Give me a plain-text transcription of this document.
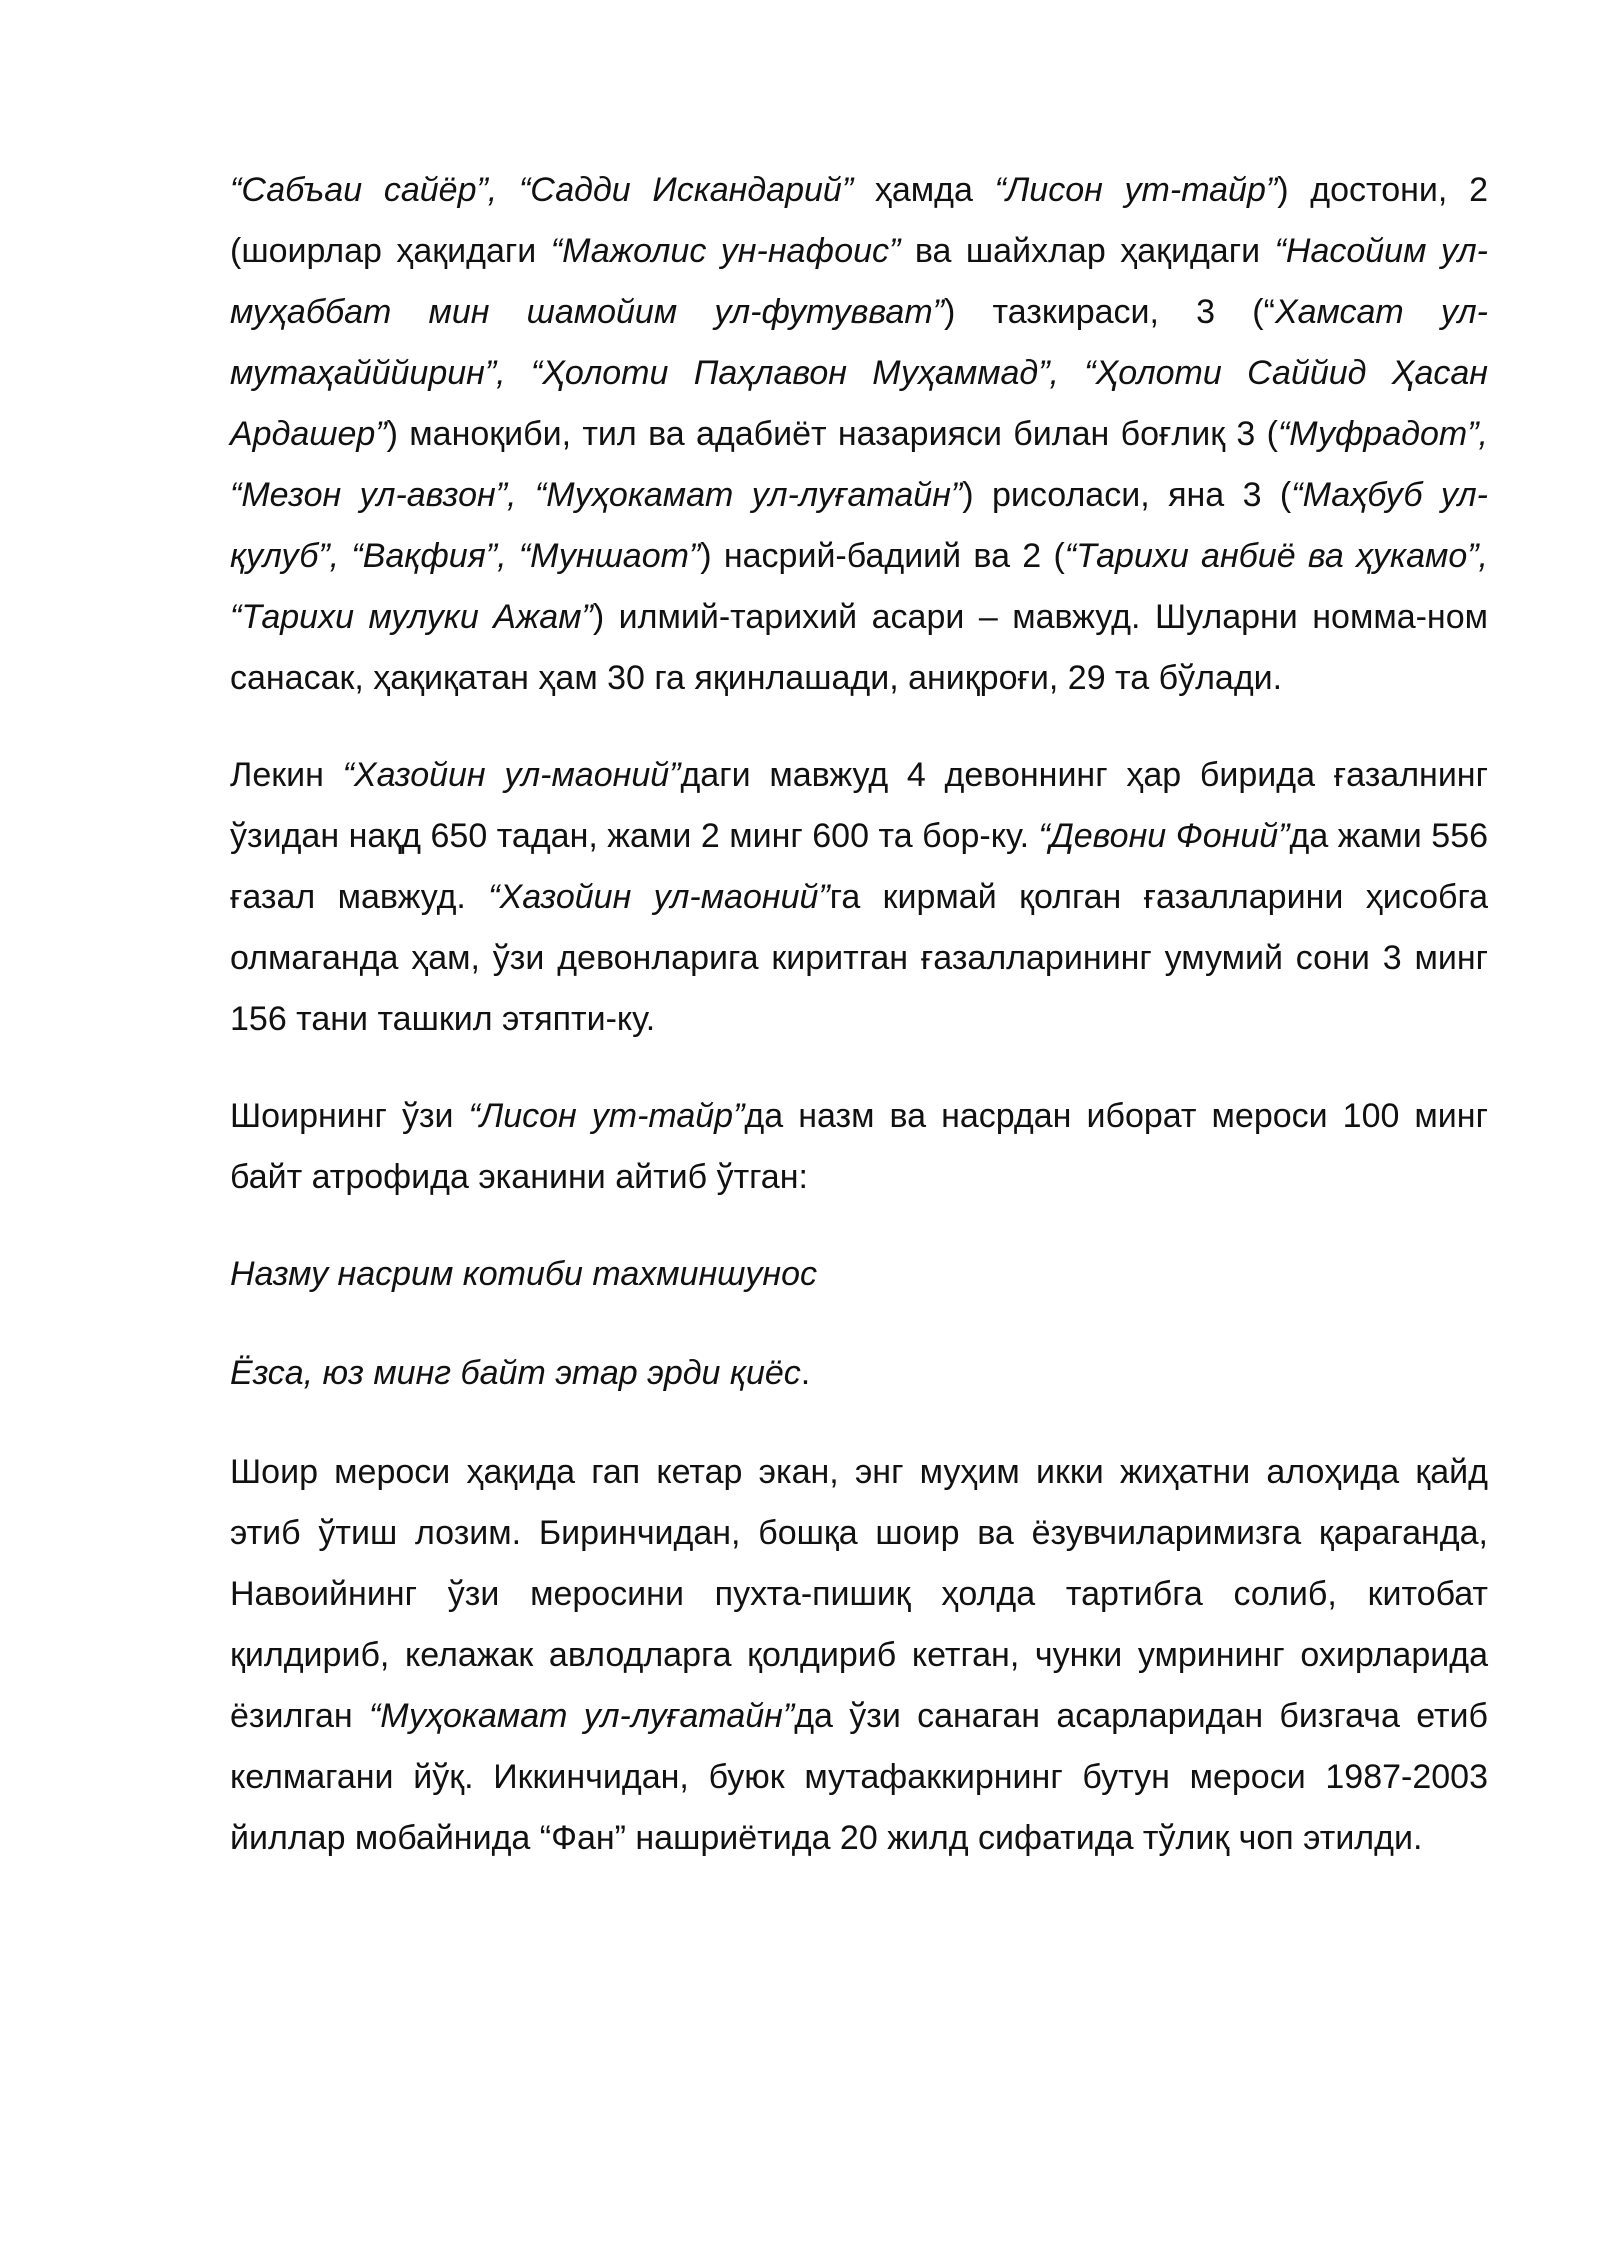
“Сабъаи сайёр”, “Садди Искандарий” ҳамда “Лисон ут-тайр”) достони, 2 (шоирлар ҳақидаги “Мажолис ун-нафоис” ва шайхлар ҳақидаги “Насойим ул-муҳаббат мин шамойим ул-футувват”) тазкираси, 3 (“Хамсат ул-мутаҳайййирин”, “Ҳолоти Паҳлавон Муҳаммад”, “Ҳолоти Саййид Ҳасан Ардашер”) маноқиби, тил ва адабиёт назарияси билан боғлиқ 3 (“Муфрадот”, “Мезон ул-авзон”, “Муҳокамат ул-луғатайн”) рисоласи, яна 3 (“Маҳбуб ул-қулуб”, “Вақфия”, “Муншаот”) насрий-бадиий ва 2 (“Тарихи анбиё ва ҳукамо”, “Тарихи мулуки Ажам”) илмий-тарихий асари – мавжуд. Шуларни номма-ном санасак, ҳақиқатан ҳам 30 га яқинлашади, аниқроғи, 29 та бўлади.

Лекин “Хазойин ул-маоний”даги мавжуд 4 девоннинг ҳар бирида ғазалнинг ўзидан нақд 650 тадан, жами 2 минг 600 та бор-ку. “Девони Фоний”да жами 556 ғазал мавжуд. “Хазойин ул-маоний”га кирмай қолган ғазалларини ҳисобга олмаганда ҳам, ўзи девонларига киритган ғазалларининг умумий сони 3 минг 156 тани ташкил этяпти-ку.

Шоирнинг ўзи “Лисон ут-тайр”да назм ва насрдан иборат мероси 100 минг байт атрофида эканини айтиб ўтган:

Назму насрим котиби тахминшунос

Ёзса, юз минг байт этар эрди қиёс.

Шоир мероси ҳақида гап кетар экан, энг муҳим икки жиҳатни алоҳида қайд этиб ўтиш лозим. Биринчидан, бошқа шоир ва ёзувчиларимизга қараганда, Навоийнинг ўзи меросини пухта-пишиқ ҳолда тартибга солиб, китобат қилдириб, келажак авлодларга қолдириб кетган, чунки умрининг охирларида ёзилган “Муҳокамат ул-луғатайн”да ўзи санаган асарларидан бизгача етиб келмагани йўқ. Иккинчидан, буюк мутафаккирнинг бутун мероси 1987-2003 йиллар мобайнида “Фан” нашриётида 20 жилд сифатида тўлиқ чоп этилди.
